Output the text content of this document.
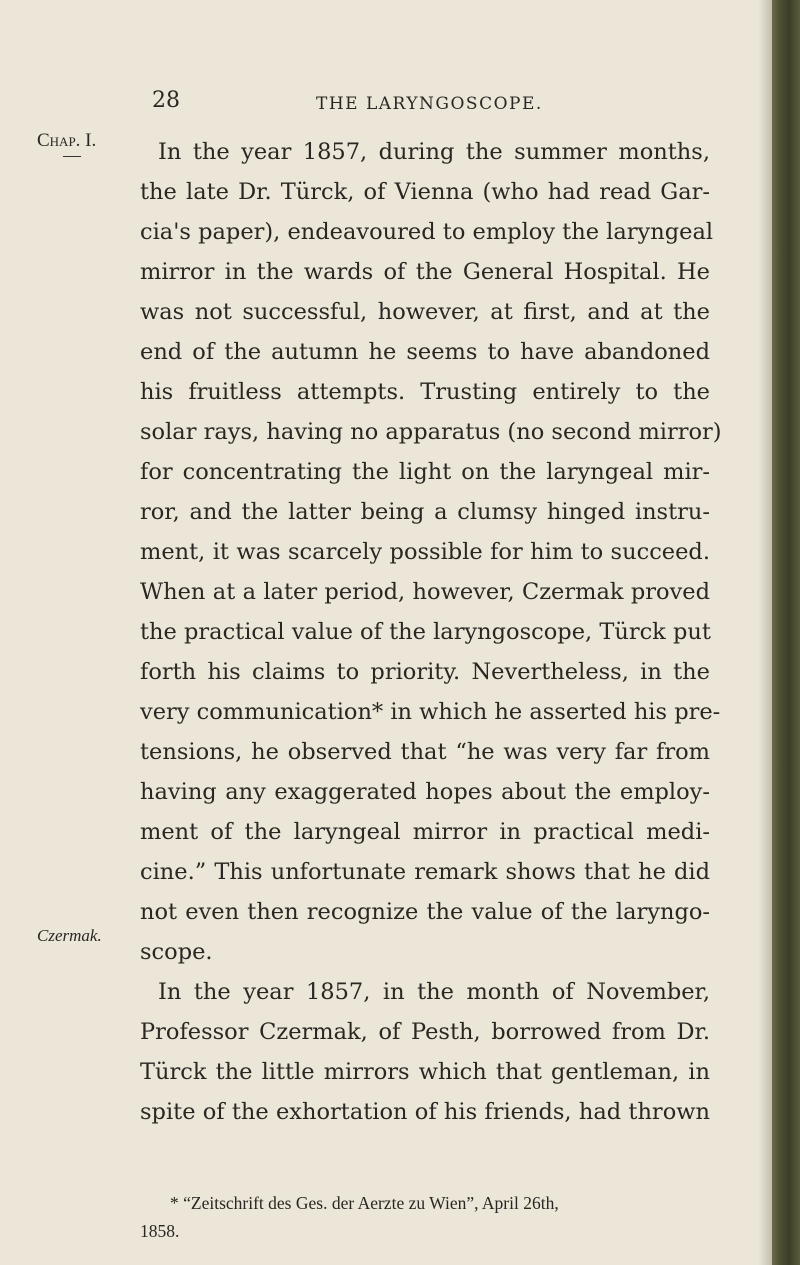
28	THE LARYNGOSCOPE.
Chap. I.
Czermak.
In the year 1857, during the summer months,
the late Dr. Türck, of Vienna (who had read Gar-
cia's paper), endeavoured to employ the laryngeal
mirror in the wards of the General Hospital. He
was not successful, however, at first, and at the
end of the autumn he seems to have abandoned
his fruitless attempts. Trusting entirely to the
solar rays, having no apparatus (no second mirror)
for concentrating the light on the laryngeal mir-
ror, and the latter being a clumsy hinged instru-
ment, it was scarcely possible for him to succeed.
When at a later period, however, Czermak proved
the practical value of the laryngoscope, Türck put
forth his claims to priority. Nevertheless, in the
very communication* in which he asserted his pre-
tensions, he observed that “he was very far from
having any exaggerated hopes about the employ-
ment of the laryngeal mirror in practical medi-
cine.” This unfortunate remark shows that he did
not even then recognize the value of the laryngo-
scope.
In the year 1857, in the month of November,
Professor Czermak, of Pesth, borrowed from Dr.
Türck the little mirrors which that gentleman, in
spite of the exhortation of his friends, had thrown
* “Zeitschrift des Ges. der Aerzte zu Wien”, April 26th,
1858.
